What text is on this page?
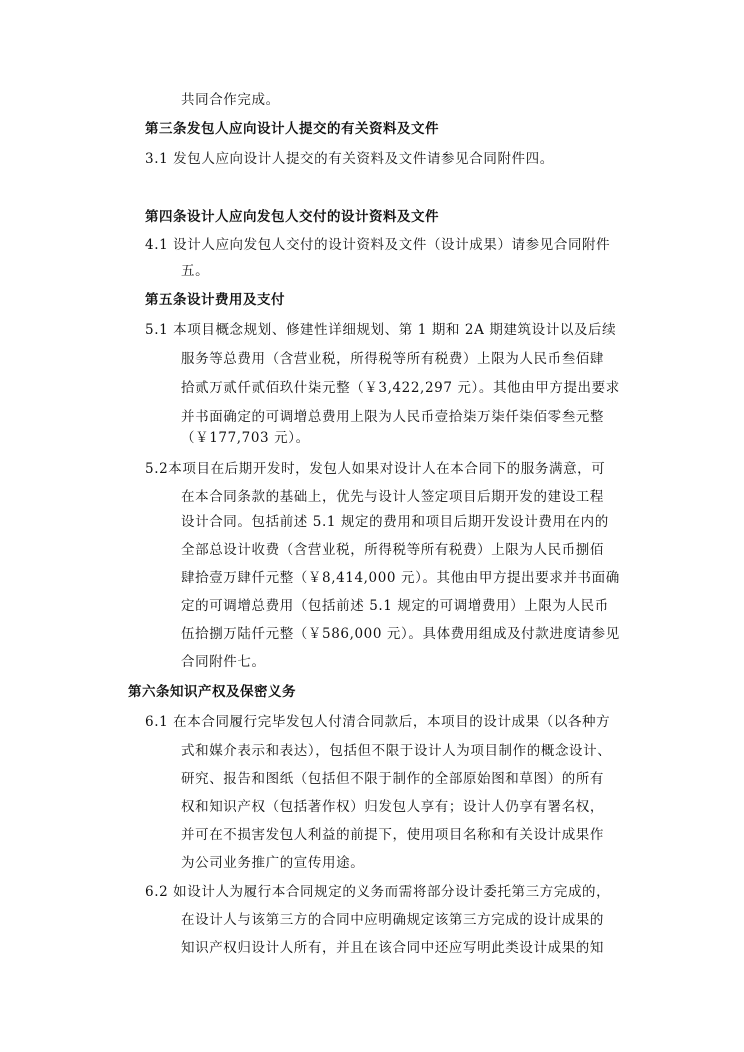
共同合作完成。
第三条发包人应向设计人提交的有关资料及文件
3.1 发包人应向设计人提交的有关资料及文件请参见合同附件四。
第四条设计人应向发包人交付的设计资料及文件
4.1 设计人应向发包人交付的设计资料及文件（设计成果）请参见合同附件
五。
第五条设计费用及支付
5.1 本项目概念规划、修建性详细规划、第 1 期和 2A 期建筑设计以及后续
服务等总费用（含营业税，所得税等所有税费）上限为人民币叁佰肆
拾贰万贰仟贰佰玖什柒元整（￥3,422,297 元）。其他由甲方提出要求
并书面确定的可调增总费用上限为人民币壹拾柒万柒仟柒佰零叁元整
（￥177,703 元）。
5.2本项目在后期开发时，发包人如果对设计人在本合同下的服务满意，可
在本合同条款的基础上，优先与设计人签定项目后期开发的建设工程
设计合同。包括前述 5.1 规定的费用和项目后期开发设计费用在内的
全部总设计收费（含营业税，所得税等所有税费）上限为人民币捌佰
肆拾壹万肆仟元整（￥8,414,000 元）。其他由甲方提出要求并书面确
定的可调增总费用（包括前述 5.1 规定的可调增费用）上限为人民币
伍拾捌万陆仟元整（￥586,000 元）。具体费用组成及付款进度请参见
合同附件七。
第六条知识产权及保密义务
6.1 在本合同履行完毕发包人付清合同款后，本项目的设计成果（以各种方
式和媒介表示和表达），包括但不限于设计人为项目制作的概念设计、
研究、报告和图纸（包括但不限于制作的全部原始图和草图）的所有
权和知识产权（包括著作权）归发包人享有；设计人仍享有署名权，
并可在不损害发包人利益的前提下，使用项目名称和有关设计成果作
为公司业务推广的宣传用途。
6.2 如设计人为履行本合同规定的义务而需将部分设计委托第三方完成的，
在设计人与该第三方的合同中应明确规定该第三方完成的设计成果的
知识产权归设计人所有，并且在该合同中还应写明此类设计成果的知
